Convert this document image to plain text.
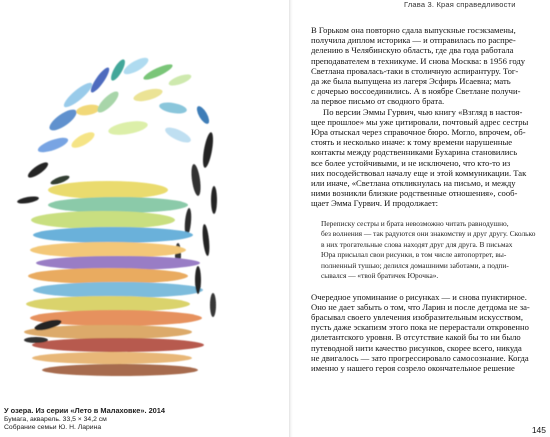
Глава 3. Края справедливости
У озера. Из серии «Лето в Малаховке». 2014
Бумага, акварель. 33,5 × 34,2 см
Собрание семьи Ю. Н. Ларина
В Горьком она повторно сдала выпускные госэкзамены,
получила диплом историка — и отправилась по распре-
делению в Челябинскую область, где два года работала
преподавателем в техникуме. И снова Москва: в 1956 году
Светлана провалась-таки в столичную аспирантуру. Тог-
да же была выпущена из лагеря Эсфирь Исаевна; мать
с дочерью воссоединились. А в ноябре Светлане получи-
ла первое письмо от сводного брата.
По версии Эммы Гурвич, чью книгу «Взгляд в настоя-
щее прошлое» мы уже цитировали, почтовый адрес сестры
Юра отыскал через справочное бюро. Могло, впрочем, об-
стоять и несколько иначе: к тому времени нарушенные
контакты между родственниками Бухарина становились
все более устойчивыми, и не исключено, что кто-то из
них посодействовал началу еще и этой коммуникации. Так
или иначе, «Светлана откликнулась на письмо, и между
ними возникли близкие родственные отношения», сооб-
щает Эмма Гурвич. И продолжает:
Переписку сестры и брата невозможно читать равнодушно,
без волнения — так радуются они знакомству и друг другу. Сколько
в них трогательные слова находят друг для друга. В письмах
Юра присылал свои рисунки, в том числе автопортрет, вы-
полненный тушью; делился домашними заботами, а подпи-
сывался — «твой братичек Юрочка».
Очередное упоминание о рисунках — и снова пунктирное.
Оно не дает забыть о том, что Ларин и после детдома не за-
брасывал своего увлечения изобразительным искусством,
пусть даже эскапизм этого пока не перерастали откровенно
дилетантского уровня. В отсутствие какой бы то ни было
путеводной нити качество рисунков, скорее всего, никуда
не двигалось — зато прогрессировало самосознание. Когда
именно у нашего героя созрело окончательное решение
145
